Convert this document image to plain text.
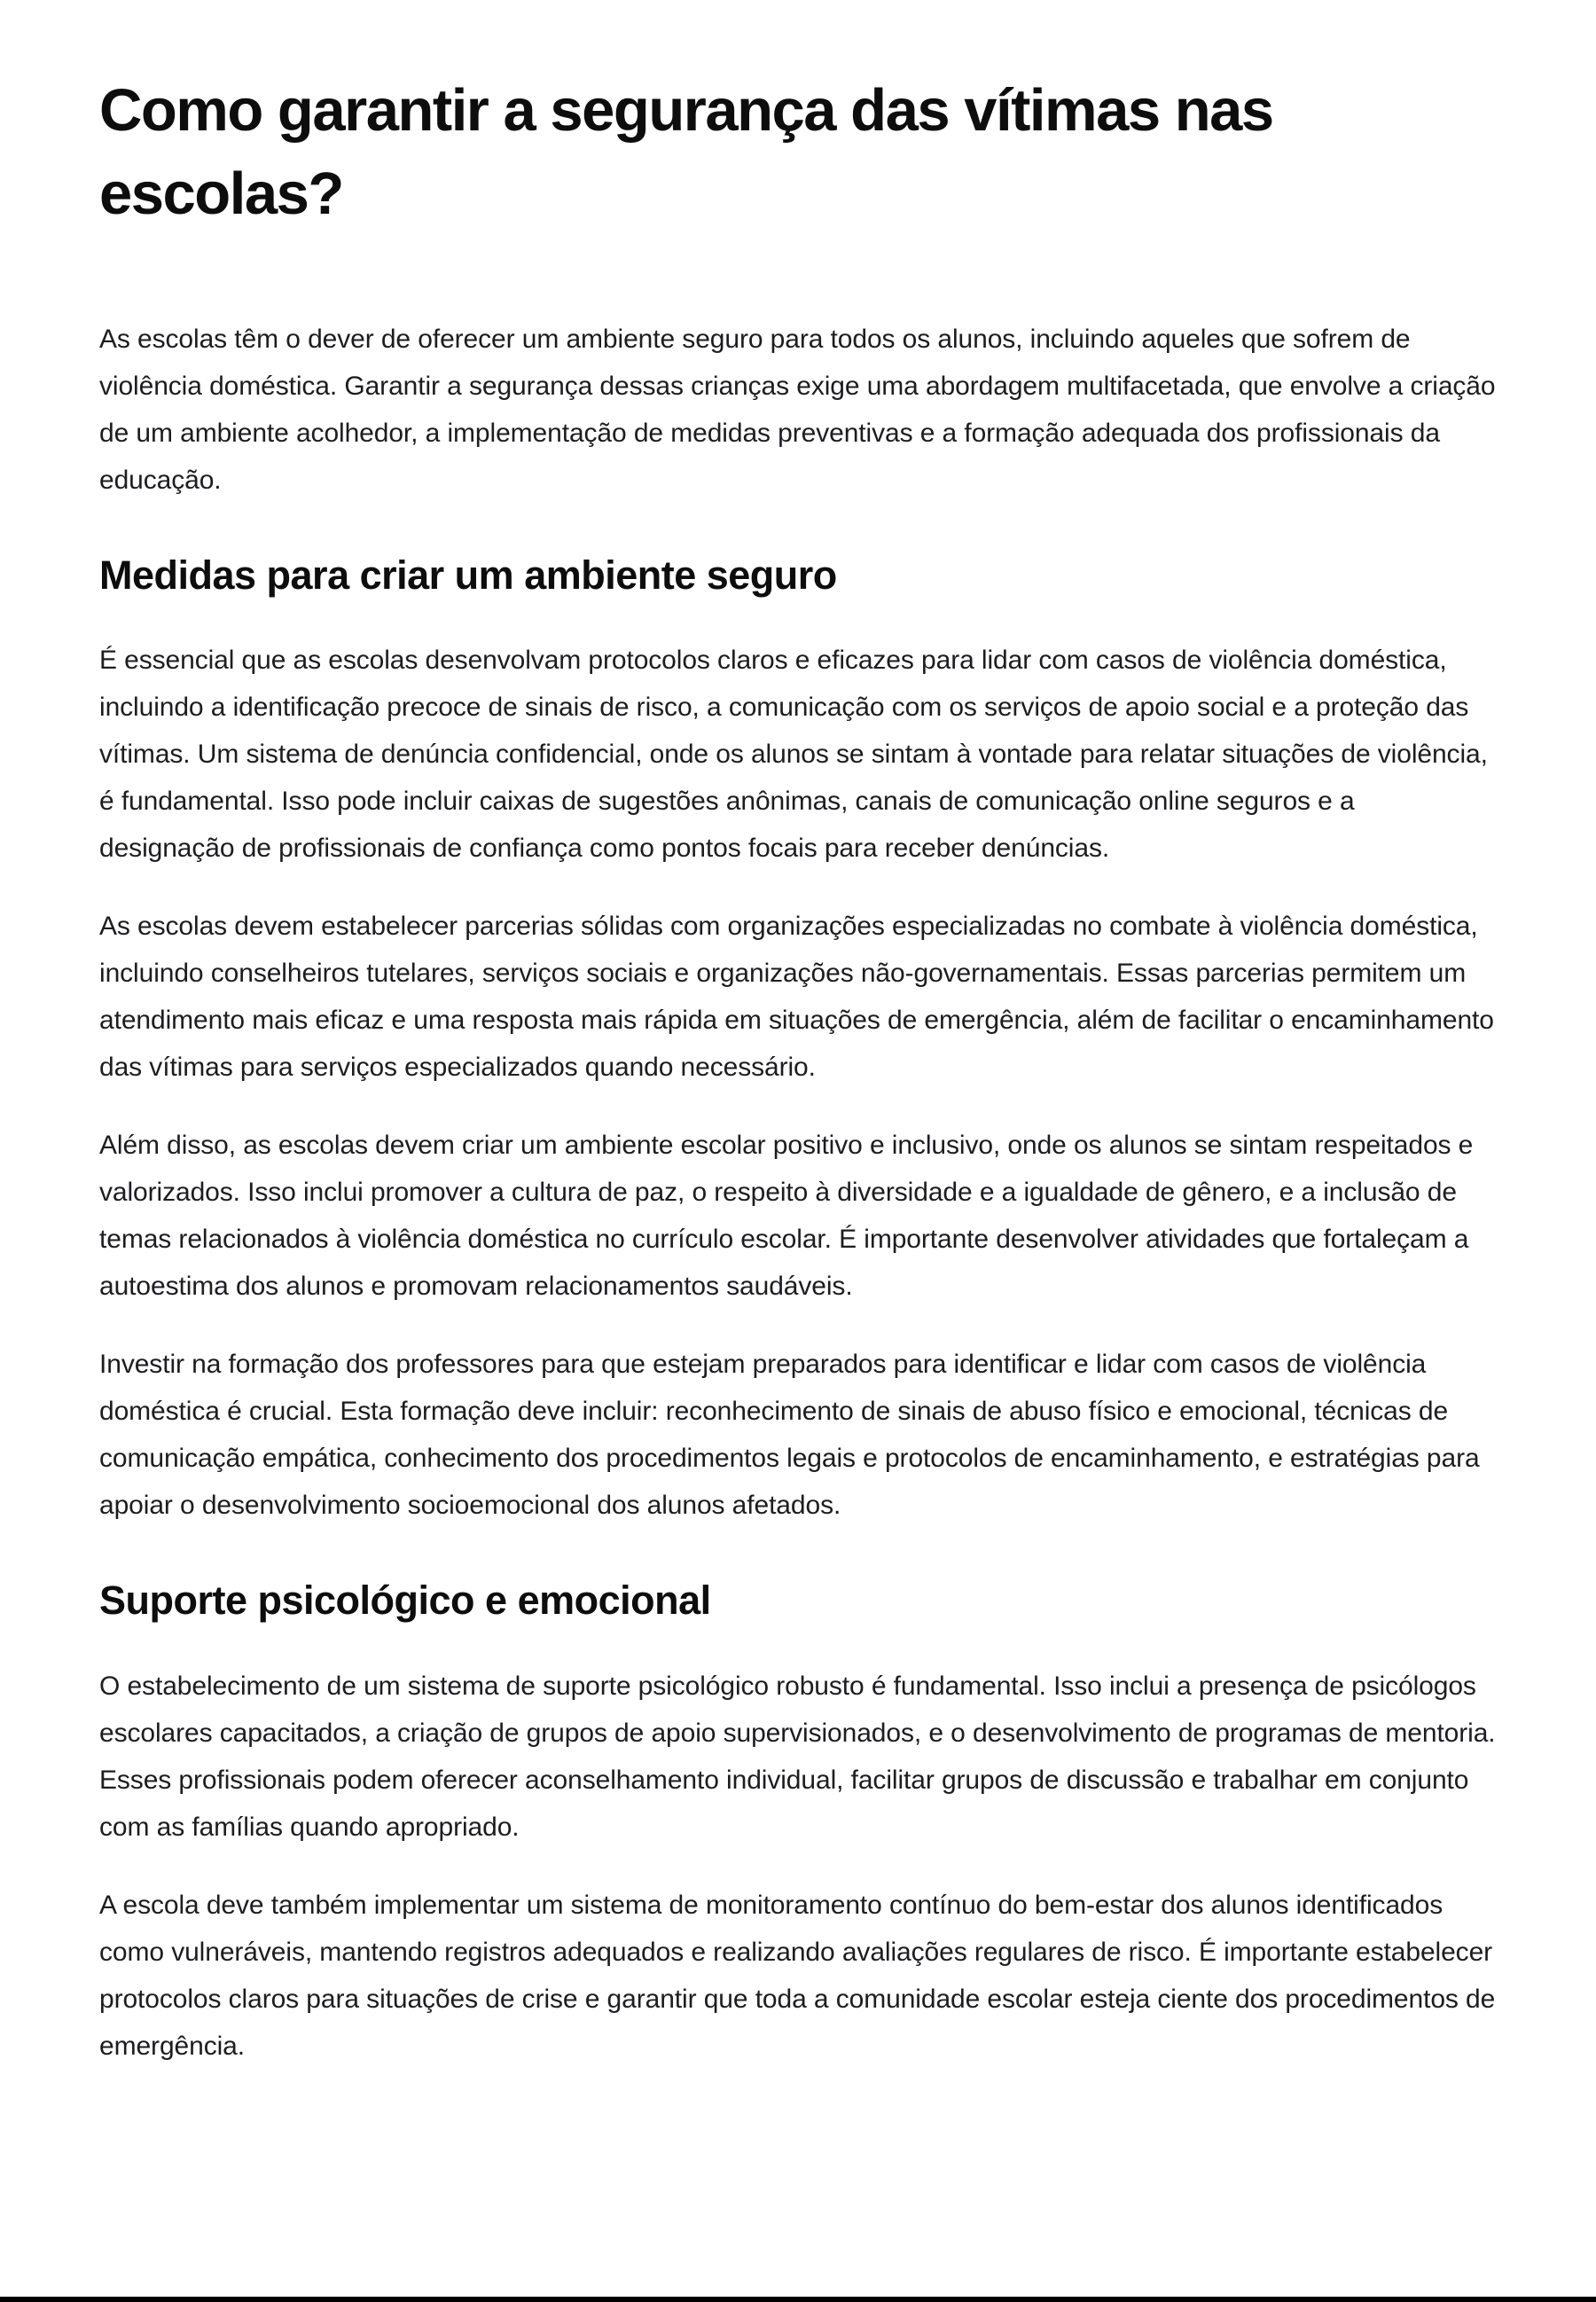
Como garantir a segurança das vítimas nas escolas?

As escolas têm o dever de oferecer um ambiente seguro para todos os alunos, incluindo aqueles que sofrem de violência doméstica. Garantir a segurança dessas crianças exige uma abordagem multifacetada, que envolve a criação de um ambiente acolhedor, a implementação de medidas preventivas e a formação adequada dos profissionais da educação.

Medidas para criar um ambiente seguro

É essencial que as escolas desenvolvam protocolos claros e eficazes para lidar com casos de violência doméstica, incluindo a identificação precoce de sinais de risco, a comunicação com os serviços de apoio social e a proteção das vítimas. Um sistema de denúncia confidencial, onde os alunos se sintam à vontade para relatar situações de violência, é fundamental. Isso pode incluir caixas de sugestões anônimas, canais de comunicação online seguros e a designação de profissionais de confiança como pontos focais para receber denúncias.

As escolas devem estabelecer parcerias sólidas com organizações especializadas no combate à violência doméstica, incluindo conselheiros tutelares, serviços sociais e organizações não-governamentais. Essas parcerias permitem um atendimento mais eficaz e uma resposta mais rápida em situações de emergência, além de facilitar o encaminhamento das vítimas para serviços especializados quando necessário.

Além disso, as escolas devem criar um ambiente escolar positivo e inclusivo, onde os alunos se sintam respeitados e valorizados. Isso inclui promover a cultura de paz, o respeito à diversidade e a igualdade de gênero, e a inclusão de temas relacionados à violência doméstica no currículo escolar. É importante desenvolver atividades que fortaleçam a autoestima dos alunos e promovam relacionamentos saudáveis.

Investir na formação dos professores para que estejam preparados para identificar e lidar com casos de violência doméstica é crucial. Esta formação deve incluir: reconhecimento de sinais de abuso físico e emocional, técnicas de comunicação empática, conhecimento dos procedimentos legais e protocolos de encaminhamento, e estratégias para apoiar o desenvolvimento socioemocional dos alunos afetados.

Suporte psicológico e emocional

O estabelecimento de um sistema de suporte psicológico robusto é fundamental. Isso inclui a presença de psicólogos escolares capacitados, a criação de grupos de apoio supervisionados, e o desenvolvimento de programas de mentoria. Esses profissionais podem oferecer aconselhamento individual, facilitar grupos de discussão e trabalhar em conjunto com as famílias quando apropriado.

A escola deve também implementar um sistema de monitoramento contínuo do bem-estar dos alunos identificados como vulneráveis, mantendo registros adequados e realizando avaliações regulares de risco. É importante estabelecer protocolos claros para situações de crise e garantir que toda a comunidade escolar esteja ciente dos procedimentos de emergência.
